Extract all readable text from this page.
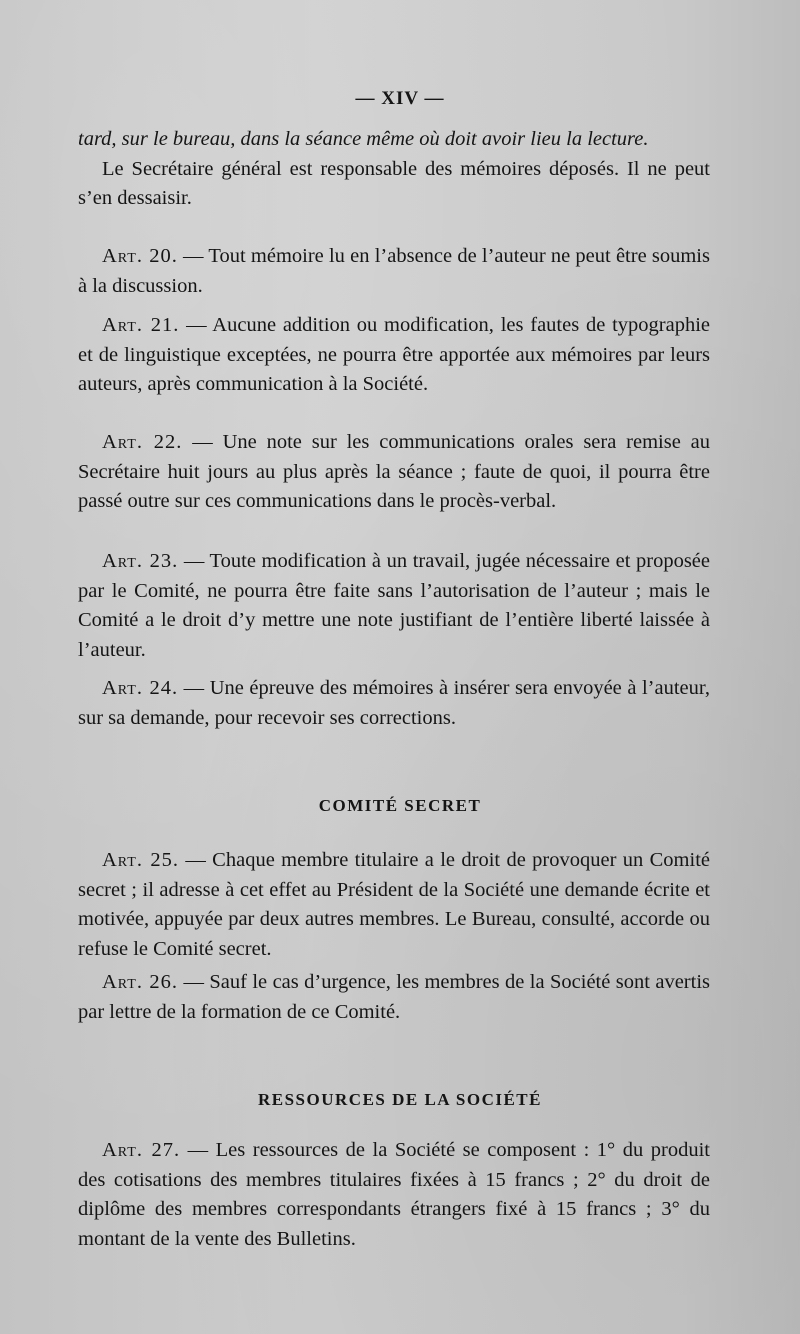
— XIV —

tard, sur le bureau, dans la séance même où doit avoir lieu la lecture.

Le Secrétaire général est responsable des mémoires déposés. Il ne peut s’en dessaisir.

Art. 20. — Tout mémoire lu en l’absence de l’auteur ne peut être soumis à la discussion.

Art. 21. — Aucune addition ou modification, les fautes de typographie et de linguistique exceptées, ne pourra être apportée aux mémoires par leurs auteurs, après communication à la Société.

Art. 22. — Une note sur les communications orales sera remise au Secrétaire huit jours au plus après la séance ; faute de quoi, il pourra être passé outre sur ces communications dans le procès-verbal.

Art. 23. — Toute modification à un travail, jugée nécessaire et proposée par le Comité, ne pourra être faite sans l’autorisation de l’auteur ; mais le Comité a le droit d’y mettre une note justifiant de l’entière liberté laissée à l’auteur.

Art. 24. — Une épreuve des mémoires à insérer sera envoyée à l’auteur, sur sa demande, pour recevoir ses corrections.

COMITÉ SECRET

Art. 25. — Chaque membre titulaire a le droit de provoquer un Comité secret ; il adresse à cet effet au Président de la Société une demande écrite et motivée, appuyée par deux autres membres. Le Bureau, consulté, accorde ou refuse le Comité secret.

Art. 26. — Sauf le cas d’urgence, les membres de la Société sont avertis par lettre de la formation de ce Comité.

RESSOURCES DE LA SOCIÉTÉ

Art. 27. — Les ressources de la Société se composent : 1° du produit des cotisations des membres titulaires fixées à 15 francs ; 2° du droit de diplôme des membres correspondants étrangers fixé à 15 francs ; 3° du montant de la vente des Bulletins.
